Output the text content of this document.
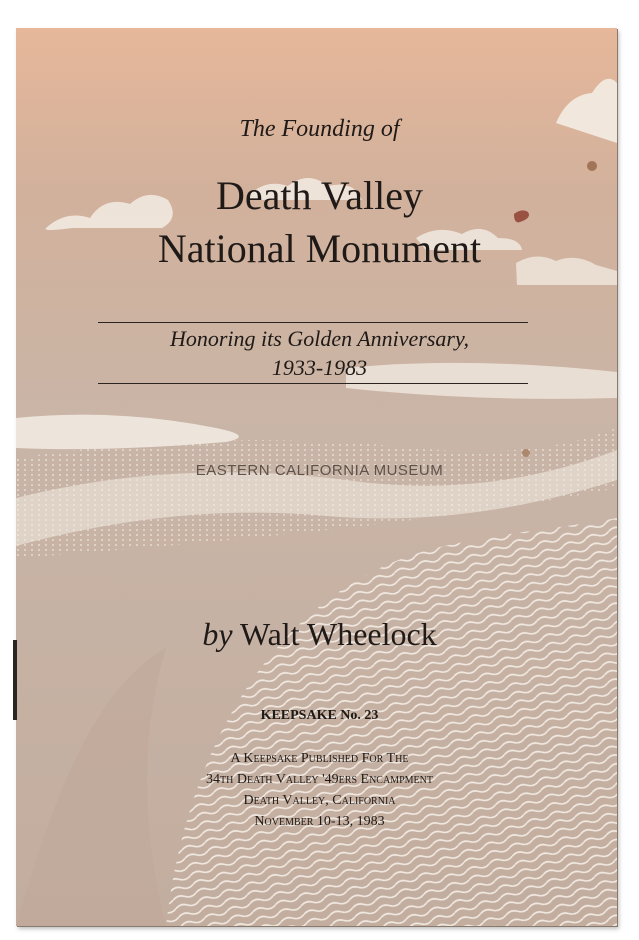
The Founding of
Death Valley
National Monument
Honoring its Golden Anniversary,
1933-1983
EASTERN CALIFORNIA MUSEUM
by Walt Wheelock
KEEPSAKE No. 23
A Keepsake Published For The
34th Death Valley '49ers Encampment
Death Valley, California
November 10-13, 1983
